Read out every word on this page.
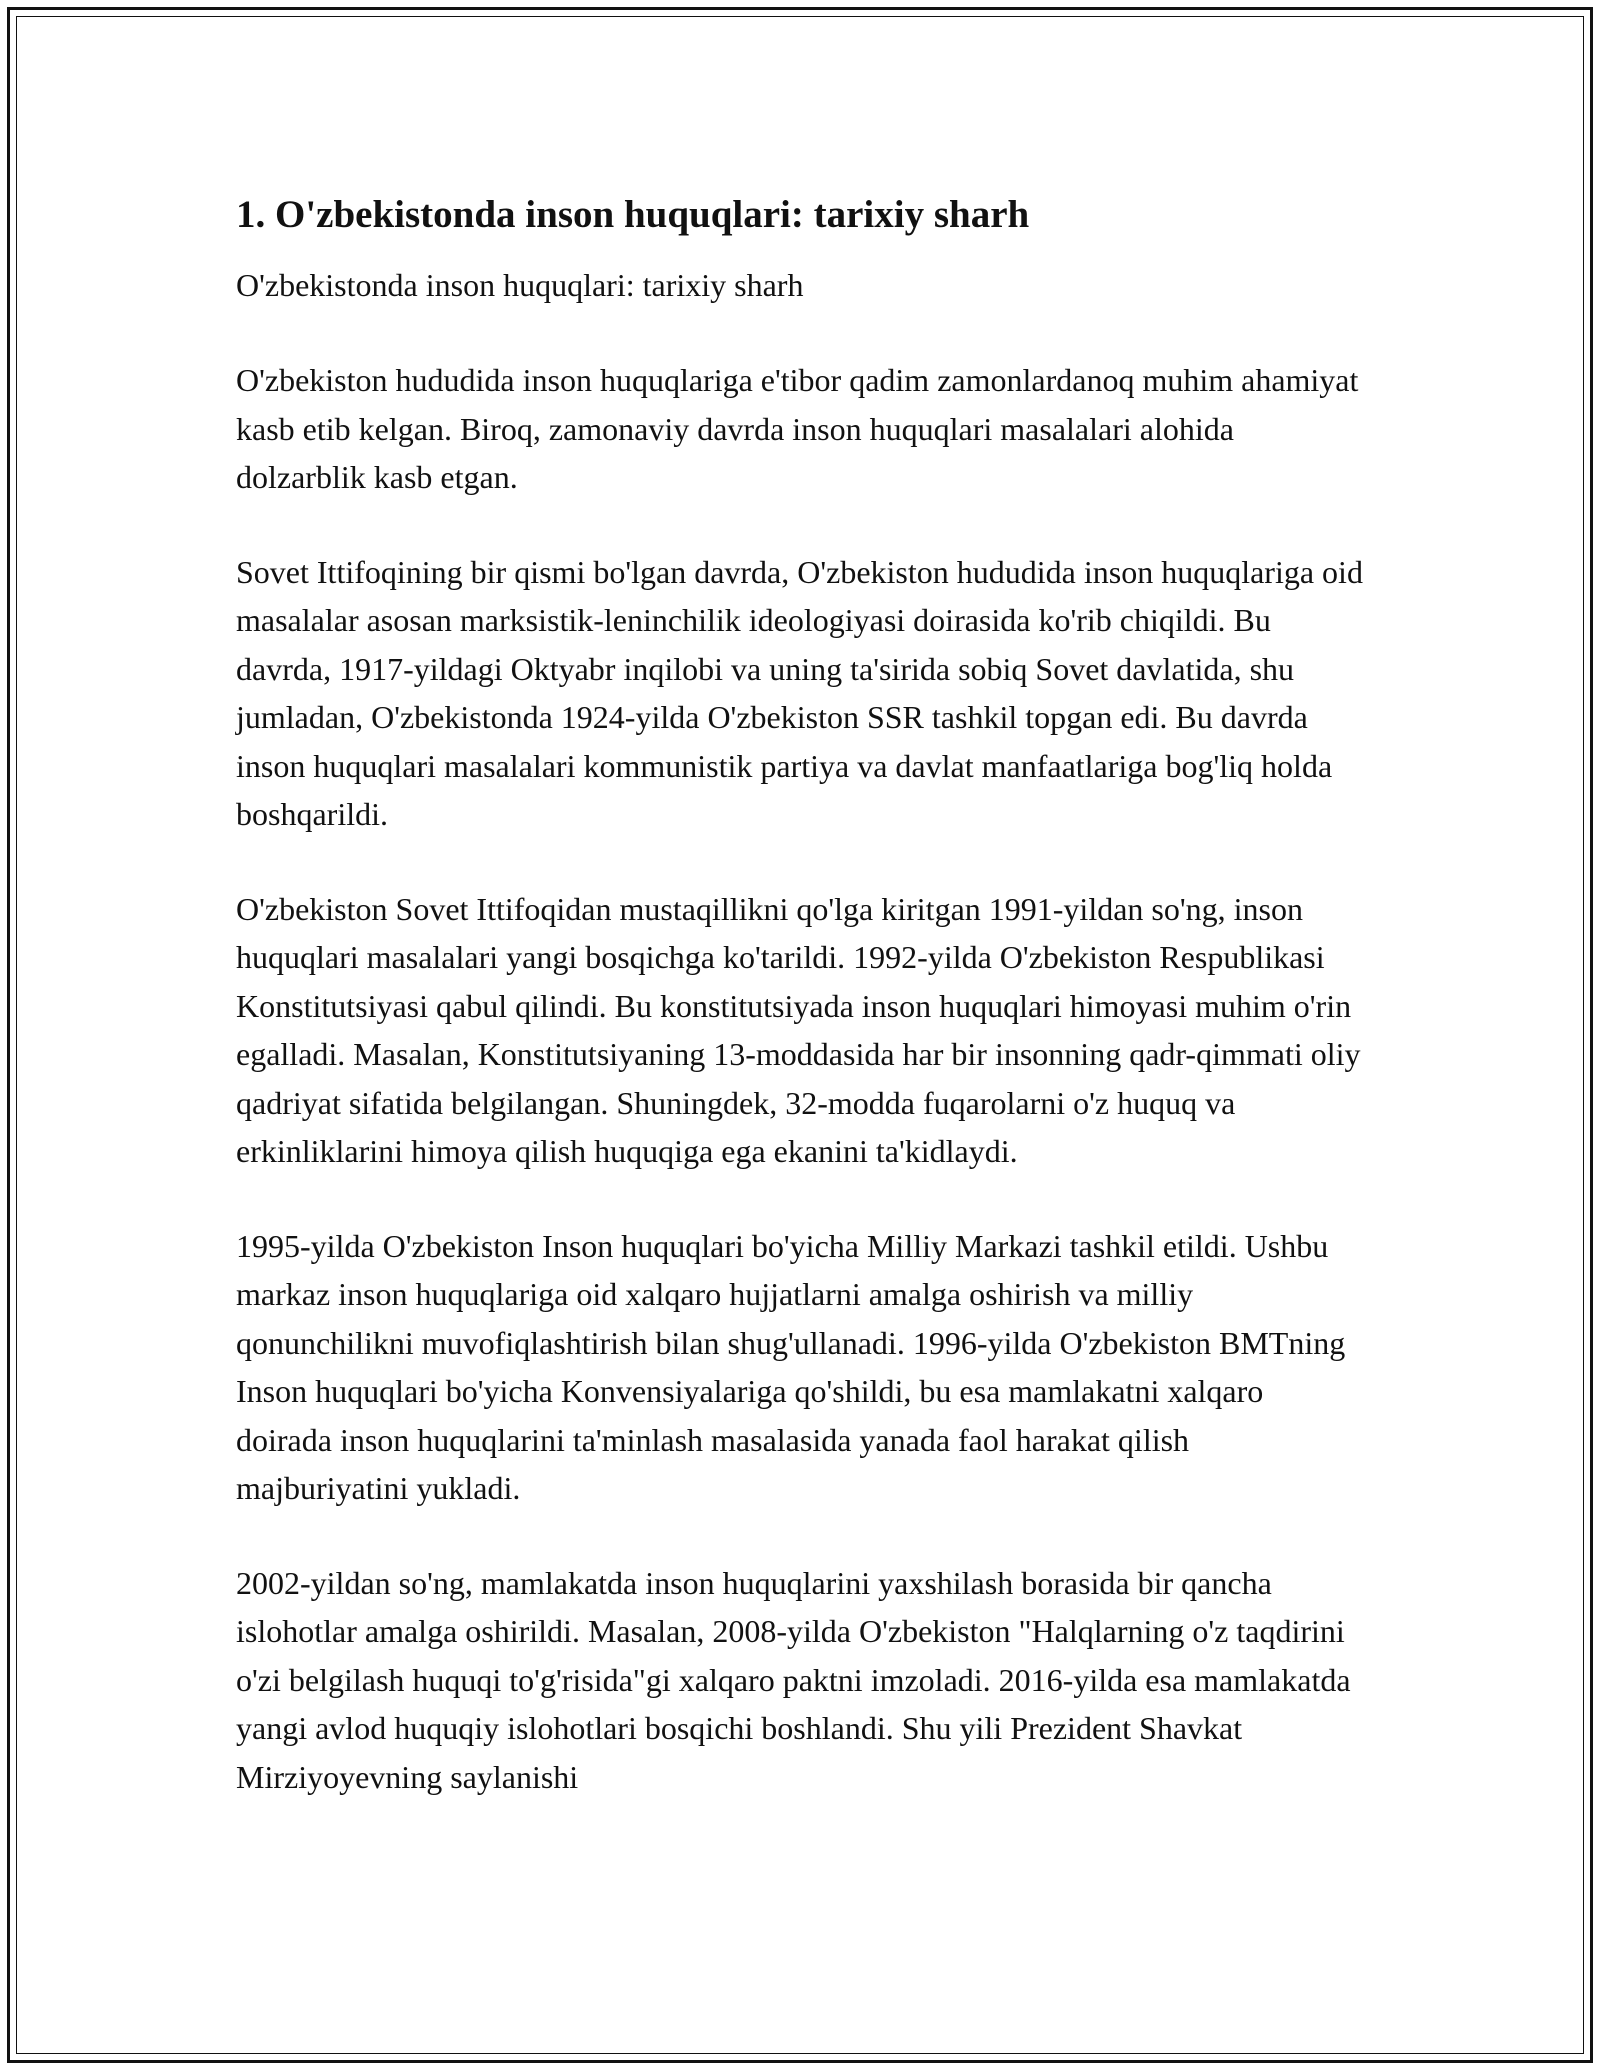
1. O'zbekistonda inson huquqlari: tarixiy sharh
O'zbekistonda inson huquqlari: tarixiy sharh

O'zbekiston hududida inson huquqlariga e'tibor qadim zamonlardanoq muhim ahamiyat kasb etib kelgan. Biroq, zamonaviy davrda inson huquqlari masalalari alohida dolzarblik kasb etgan.

Sovet Ittifoqining bir qismi bo'lgan davrda, O'zbekiston hududida inson huquqlariga oid masalalar asosan marksistik-leninchilik ideologiyasi doirasida ko'rib chiqildi. Bu davrda, 1917-yildagi Oktyabr inqilobi va uning ta'sirida sobiq Sovet davlatida, shu jumladan, O'zbekistonda 1924-yilda O'zbekiston SSR tashkil topgan edi. Bu davrda inson huquqlari masalalari kommunistik partiya va davlat manfaatlariga bog'liq holda boshqarildi.

O'zbekiston Sovet Ittifoqidan mustaqillikni qo'lga kiritgan 1991-yildan so'ng, inson huquqlari masalalari yangi bosqichga ko'tarildi. 1992-yilda O'zbekiston Respublikasi Konstitutsiyasi qabul qilindi. Bu konstitutsiyada inson huquqlari himoyasi muhim o'rin egalladi. Masalan, Konstitutsiyaning 13-moddasida har bir insonning qadr-qimmati oliy qadriyat sifatida belgilangan. Shuningdek, 32-modda fuqarolarni o'z huquq va erkinliklarini himoya qilish huquqiga ega ekanini ta'kidlaydi.

1995-yilda O'zbekiston Inson huquqlari bo'yicha Milliy Markazi tashkil etildi. Ushbu markaz inson huquqlariga oid xalqaro hujjatlarni amalga oshirish va milliy qonunchilikni muvofiqlashtirish bilan shug'ullanadi. 1996-yilda O'zbekiston BMTning Inson huquqlari bo'yicha Konvensiyalariga qo'shildi, bu esa mamlakatni xalqaro doirada inson huquqlarini ta'minlash masalasida yanada faol harakat qilish majburiyatini yukladi.

2002-yildan so'ng, mamlakatda inson huquqlarini yaxshilash borasida bir qancha islohotlar amalga oshirildi. Masalan, 2008-yilda O'zbekiston "Halqlarning o'z taqdirini o'zi belgilash huquqi to'g'risida"gi xalqaro paktni imzoladi. 2016-yilda esa mamlakatda yangi avlod huquqiy islohotlari bosqichi boshlandi. Shu yili Prezident Shavkat Mirziyoyevning saylanishi
